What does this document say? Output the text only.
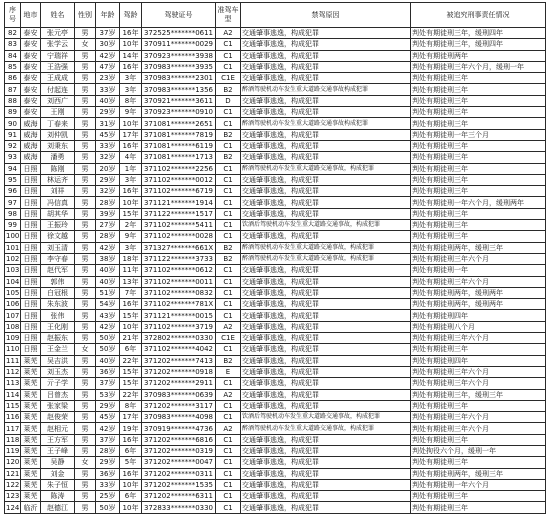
序号	地市	姓名	性别	年龄	驾龄	驾驶证号	准驾车型	禁驾原因	被追究刑事责任情况
82	泰安	张元亭	男	37岁	16年	372525*******0611	A2	交通肇事逃逸，构成犯罪	判处有期徒刑三年，缓刑四年
83	泰安	张学云	女	30岁	10年	370911*******0029	C1	交通肇事逃逸，构成犯罪	判处有期徒刑三年，缓刑四年
84	泰安	宁瑞祥	男	42岁	14年	370923*******3938	C1	交通肇事逃逸，构成犯罪	判处有期徒刑两年
85	泰安	王浩强	男	47岁	16年	370983*******3935	C1	交通肇事逃逸，构成犯罪	判处有期徒刑三年六个月，缓刑一年
86	泰安	王成成	男	23岁	3年	370983*******2301	C1E	交通肇事逃逸，构成犯罪	判处有期徒刑三年
87	泰安	付起连	男	33岁	3年	370983*******1356	B2	醉酒驾驶机动车发生重大道路交通事故构成犯罪	判处有期徒刑三年
88	泰安	刘西广	男	40岁	8年	370921*******3611	D	交通肇事逃逸，构成犯罪	判处有期徒刑三年
89	泰安	王刚	男	29岁	9年	370923*******0910	C1	交通肇事逃逸，构成犯罪	判处有期徒刑三年
90	威海	丁春来	男	31岁	10年	371081*******2651	C1	醉酒驾驶机动车发生重大道路交通事故构成犯罪	判处有期徒刑三年
91	威海	刘仲凯	男	45岁	17年	371081*******7819	B2	交通肇事逃逸，构成犯罪	判处有期徒刑一年三个月
92	威海	刘秉东	男	33岁	16年	371081*******6119	C1	交通肇事逃逸，构成犯罪	判处有期徒刑三年
93	威海	潘勇	男	32岁	4年	371081*******1713	B2	交通肇事逃逸，构成犯罪	判处有期徒刑三年
94	日照	陈刚	男	20岁	1年	371102*******2256	C1	醉酒驾驶机动车发生重大道路交通事故，构成犯罪	判处有期徒刑三年
95	日照	林运齐	男	29岁	3年	371102*******0012	C1	交通肇事逃逸，构成犯罪	判处有期徒刑三年
96	日照	刘祥	男	32岁	16年	371102*******6719	C1	交通肇事逃逸，构成犯罪	判处有期徒刑三年
97	日照	冯信真	男	28岁	10年	371121*******1914	C1	交通肇事逃逸，构成犯罪	判处有期徒刑一年六个月，缓刑两年
98	日照	胡其华	男	39岁	15年	371122*******1517	C1	交通肇事逃逸，构成犯罪	判处有期徒刑三年
99	日照	王振玲	男	27岁	2年	371102*******5411	C1	饮酒后驾驶机动车发生重大道路交通事故，构成犯罪	判处有期徒刑三年
100	日照	徐文越	男	28岁	9年	371102*******0028	C1	交通肇事逃逸，构成犯罪	判处有期徒刑三年
101	日照	刘玉清	男	42岁	3年	371327*******661X	B2	醉酒驾驶机动车发生重大道路交通事故，构成犯罪	判处有期徒刑两年，缓刑三年
102	日照	李守春	男	38岁	18年	371122*******3733	B2	醉酒驾驶机动车发生重大道路交通事故，构成犯罪	判处有期徒刑三年六个月
103	日照	赵代军	男	40岁	11年	371102*******0612	C1	交通肇事逃逸，构成犯罪	判处有期徒刑一年
104	日照	郭伟	男	40岁	13年	371102*******0011	C1	交通肇事逃逸，构成犯罪	判处有期徒刑三年六个月
105	日照	白冠根	男	51岁	7年	371102*******0832	C1	交通肇事逃逸，构成犯罪	判处有期徒刑两年，缓刑两年
106	日照	朱东波	男	54岁	16年	371102*******781X	C1	交通肇事逃逸，构成犯罪	判处有期徒刑两年，缓刑两年
107	日照	张伟	男	43岁	15年	371121*******0015	C1	交通肇事逃逸，构成犯罪	判处有期徒刑四年
108	日照	王化刚	男	42岁	10年	371102*******3719	A2	交通肇事逃逸，构成犯罪	判处有期徒刑八个月
109	日照	赵振东	男	50岁	21年	372802*******0330	C1E	交通肇事逃逸，构成犯罪	判处有期徒刑三年六个月
110	日照	王金兰	女	50岁	6年	371102*******4042	C1	交通肇事逃逸，构成犯罪	判处有期徒刑三年
111	莱芜	吴吉洪	男	40岁	22年	371202*******7413	B2	交通肇事逃逸，构成犯罪	判处有期徒刑四年
112	莱芜	刘玉杰	男	36岁	15年	371202*******0918	E	交通肇事逃逸，构成犯罪	判处有期徒刑三年六个月
113	莱芜	亓子学	男	37岁	15年	371202*******2911	C1	交通肇事逃逸，构成犯罪	判处有期徒刑三年六个月
114	莱芜	吕曾杰	男	53岁	22年	370983*******0639	A2	交通肇事逃逸，构成犯罪	判处有期徒刑三年，缓刑三年
115	莱芜	张家梁	男	29岁	8年	371202*******3117	C1	交通肇事逃逸，构成犯罪	判处有期徒刑三年
116	莱芜	赵俊荣	男	45岁	17年	370983*******4098	C1	饮酒后驾驶机动车发生重大道路交通事故，构成犯罪	判处有期徒刑三年六个月
117	莱芜	赵相元	男	42岁	19年	370919*******4736	A2	醉酒驾驶机动车发生重大道路交通事故，构成犯罪	判处有期徒刑三年六个月
118	莱芜	王方军	男	37岁	16年	371202*******6816	C1	交通肇事逃逸，构成犯罪	判处有期徒刑三年
119	莱芜	王子峰	男	28岁	6年	371202*******0319	C1	交通肇事逃逸，构成犯罪	判处拘役六个月，缓刑一年
120	莱芜	吴静	女	29岁	5年	371202*******0047	C1	交通肇事逃逸，构成犯罪	判处有期徒刑三年
121	莱芜	刘金	男	36岁	16年	371202*******0311	C1	交通肇事逃逸，构成犯罪	判处有期徒刑两年，缓刑三年
122	莱芜	朱子恒	男	33岁	10年	371202*******1535	C1	交通肇事逃逸，构成犯罪	判处有期徒刑一年六个月
123	莱芜	陈涛	男	25岁	6年	371202*******6311	C1	交通肇事逃逸，构成犯罪	判处有期徒刑三年
124	临沂	赵德江	男	50岁	10年	372833*******0330	C1	交通肇事逃逸，构成犯罪	判处有期徒刑三年
